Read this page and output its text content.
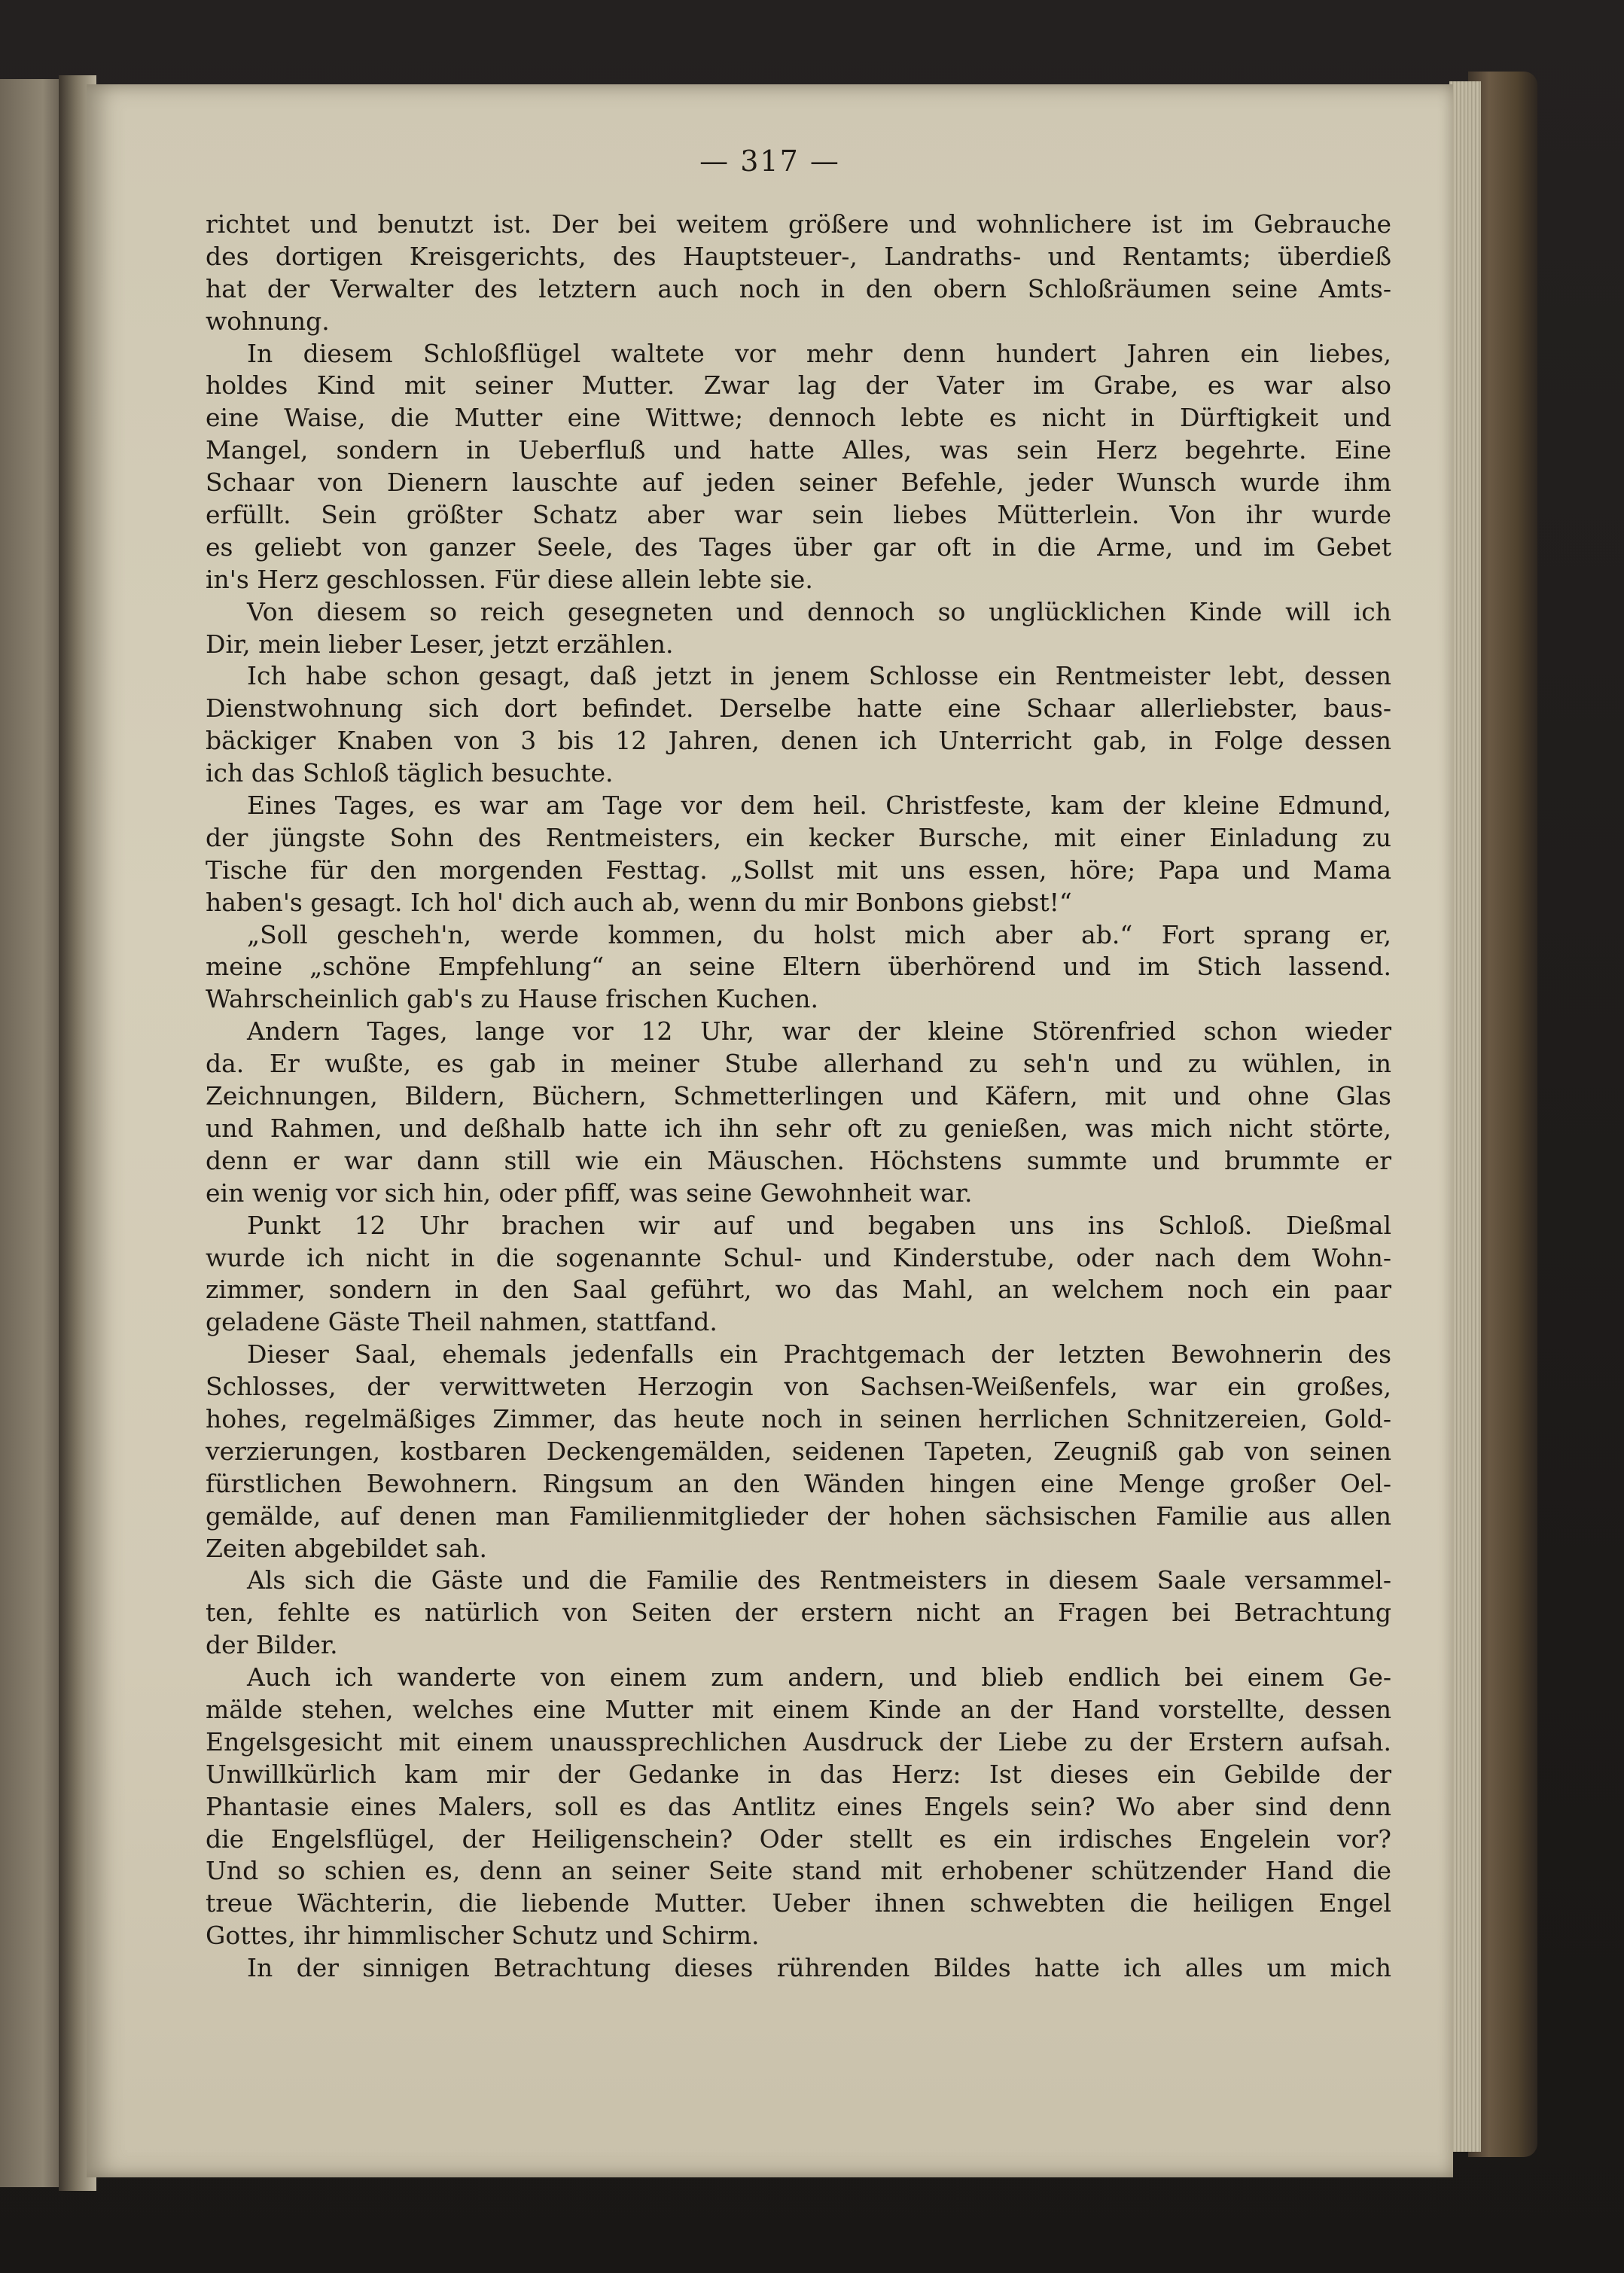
— 317 —
richtet und benutzt ist. Der bei weitem größere und wohnlichere ist im Gebrauche
des dortigen Kreisgerichts, des Hauptsteuer-, Landraths- und Rentamts; überdieß
hat der Verwalter des letztern auch noch in den obern Schloßräumen seine Amts-
wohnung.
In diesem Schloßflügel waltete vor mehr denn hundert Jahren ein liebes,
holdes Kind mit seiner Mutter. Zwar lag der Vater im Grabe, es war also
eine Waise, die Mutter eine Wittwe; dennoch lebte es nicht in Dürftigkeit und
Mangel, sondern in Ueberfluß und hatte Alles, was sein Herz begehrte. Eine
Schaar von Dienern lauschte auf jeden seiner Befehle, jeder Wunsch wurde ihm
erfüllt. Sein größter Schatz aber war sein liebes Mütterlein. Von ihr wurde
es geliebt von ganzer Seele, des Tages über gar oft in die Arme, und im Gebet
in's Herz geschlossen. Für diese allein lebte sie.
Von diesem so reich gesegneten und dennoch so unglücklichen Kinde will ich
Dir, mein lieber Leser, jetzt erzählen.
Ich habe schon gesagt, daß jetzt in jenem Schlosse ein Rentmeister lebt, dessen
Dienstwohnung sich dort befindet. Derselbe hatte eine Schaar allerliebster, baus-
bäckiger Knaben von 3 bis 12 Jahren, denen ich Unterricht gab, in Folge dessen
ich das Schloß täglich besuchte.
Eines Tages, es war am Tage vor dem heil. Christfeste, kam der kleine Edmund,
der jüngste Sohn des Rentmeisters, ein kecker Bursche, mit einer Einladung zu
Tische für den morgenden Festtag. „Sollst mit uns essen, höre; Papa und Mama
haben's gesagt. Ich hol' dich auch ab, wenn du mir Bonbons giebst!“
„Soll gescheh'n, werde kommen, du holst mich aber ab.“ Fort sprang er,
meine „schöne Empfehlung“ an seine Eltern überhörend und im Stich lassend.
Wahrscheinlich gab's zu Hause frischen Kuchen.
Andern Tages, lange vor 12 Uhr, war der kleine Störenfried schon wieder
da. Er wußte, es gab in meiner Stube allerhand zu seh'n und zu wühlen, in
Zeichnungen, Bildern, Büchern, Schmetterlingen und Käfern, mit und ohne Glas
und Rahmen, und deßhalb hatte ich ihn sehr oft zu genießen, was mich nicht störte,
denn er war dann still wie ein Mäuschen. Höchstens summte und brummte er
ein wenig vor sich hin, oder pfiff, was seine Gewohnheit war.
Punkt 12 Uhr brachen wir auf und begaben uns ins Schloß. Dießmal
wurde ich nicht in die sogenannte Schul- und Kinderstube, oder nach dem Wohn-
zimmer, sondern in den Saal geführt, wo das Mahl, an welchem noch ein paar
geladene Gäste Theil nahmen, stattfand.
Dieser Saal, ehemals jedenfalls ein Prachtgemach der letzten Bewohnerin des
Schlosses, der verwittweten Herzogin von Sachsen-Weißenfels, war ein großes,
hohes, regelmäßiges Zimmer, das heute noch in seinen herrlichen Schnitzereien, Gold-
verzierungen, kostbaren Deckengemälden, seidenen Tapeten, Zeugniß gab von seinen
fürstlichen Bewohnern. Ringsum an den Wänden hingen eine Menge großer Oel-
gemälde, auf denen man Familienmitglieder der hohen sächsischen Familie aus allen
Zeiten abgebildet sah.
Als sich die Gäste und die Familie des Rentmeisters in diesem Saale versammel-
ten, fehlte es natürlich von Seiten der erstern nicht an Fragen bei Betrachtung
der Bilder.
Auch ich wanderte von einem zum andern, und blieb endlich bei einem Ge-
mälde stehen, welches eine Mutter mit einem Kinde an der Hand vorstellte, dessen
Engelsgesicht mit einem unaussprechlichen Ausdruck der Liebe zu der Erstern aufsah.
Unwillkürlich kam mir der Gedanke in das Herz: Ist dieses ein Gebilde der
Phantasie eines Malers, soll es das Antlitz eines Engels sein? Wo aber sind denn
die Engelsflügel, der Heiligenschein? Oder stellt es ein irdisches Engelein vor?
Und so schien es, denn an seiner Seite stand mit erhobener schützender Hand die
treue Wächterin, die liebende Mutter. Ueber ihnen schwebten die heiligen Engel
Gottes, ihr himmlischer Schutz und Schirm.
In der sinnigen Betrachtung dieses rührenden Bildes hatte ich alles um mich
